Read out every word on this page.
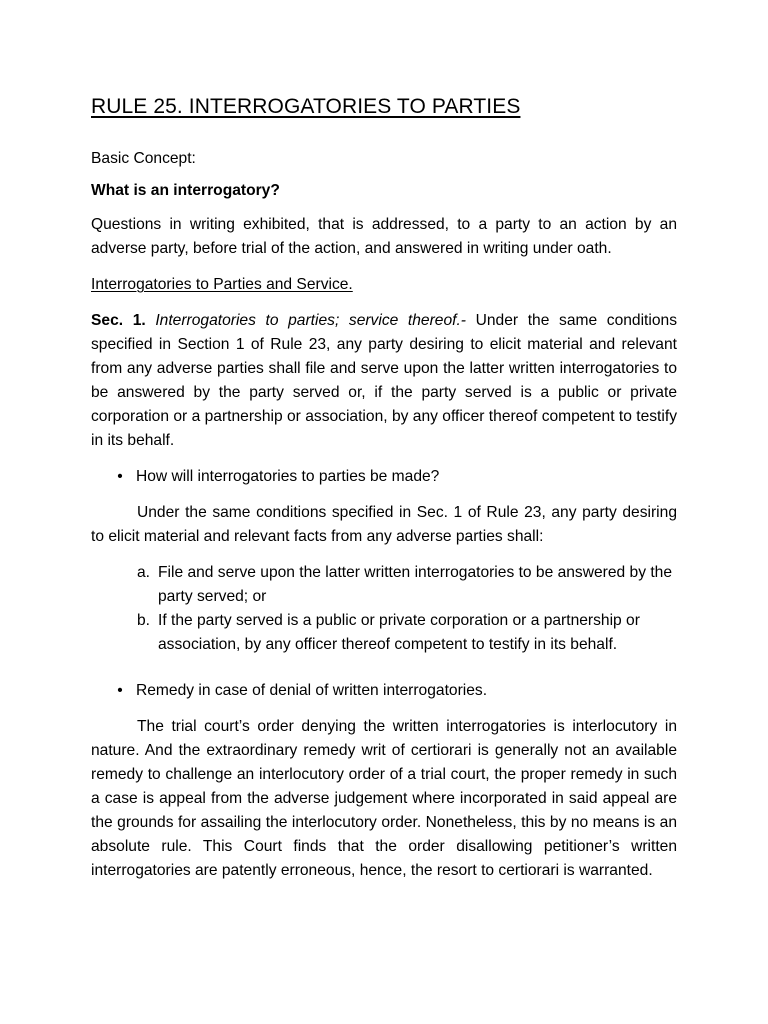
RULE 25. INTERROGATORIES TO PARTIES

Basic Concept:

What is an interrogatory?

Questions in writing exhibited, that is addressed, to a party to an action by an adverse party, before trial of the action, and answered in writing under oath.

Interrogatories to Parties and Service.

Sec. 1. Interrogatories to parties; service thereof.- Under the same conditions specified in Section 1 of Rule 23, any party desiring to elicit material and relevant from any adverse parties shall file and serve upon the latter written interrogatories to be answered by the party served or, if the party served is a public or private corporation or a partnership or association, by any officer thereof competent to testify in its behalf.

• How will interrogatories to parties be made?

Under the same conditions specified in Sec. 1 of Rule 23, any party desiring to elicit material and relevant facts from any adverse parties shall:

a. File and serve upon the latter written interrogatories to be answered by the party served; or
b. If the party served is a public or private corporation or a partnership or association, by any officer thereof competent to testify in its behalf.
• Remedy in case of denial of written interrogatories.

The trial court’s order denying the written interrogatories is interlocutory in nature. And the extraordinary remedy writ of certiorari is generally not an available remedy to challenge an interlocutory order of a trial court, the proper remedy in such a case is appeal from the adverse judgement where incorporated in said appeal are the grounds for assailing the interlocutory order. Nonetheless, this by no means is an absolute rule. This Court finds that the order disallowing petitioner’s written interrogatories are patently erroneous, hence, the resort to certiorari is warranted.
